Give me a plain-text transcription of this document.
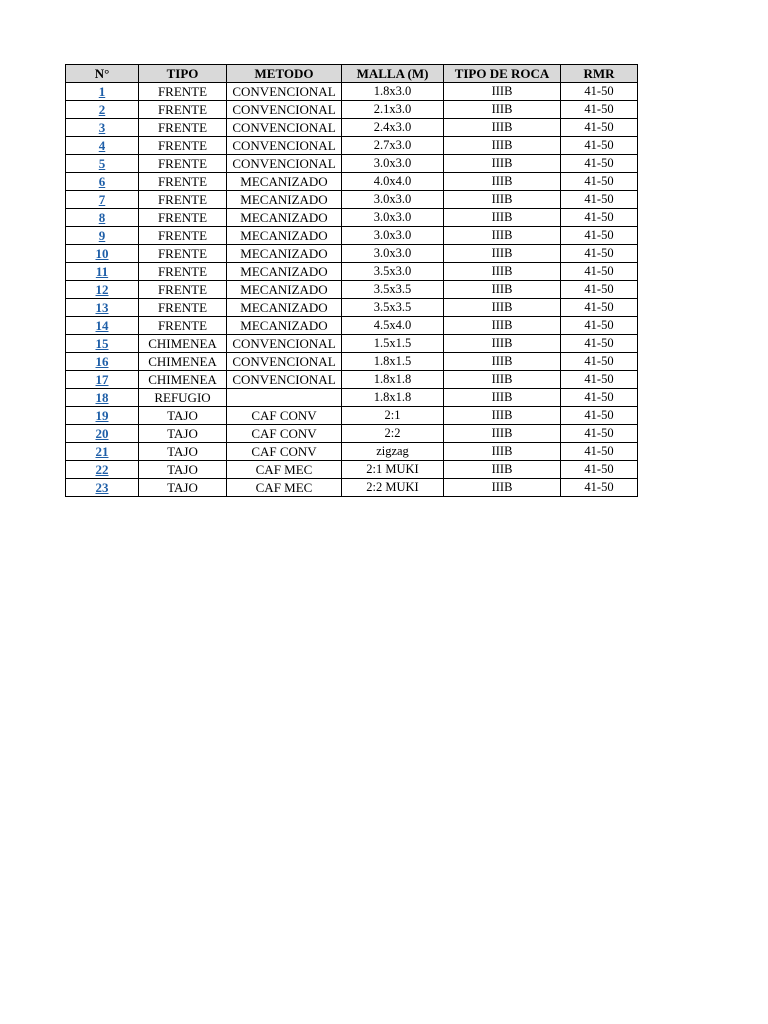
N°	TIPO	METODO	MALLA (M)	TIPO DE ROCA	RMR
1	FRENTE	CONVENCIONAL	1.8x3.0	IIIB	41-50
2	FRENTE	CONVENCIONAL	2.1x3.0	IIIB	41-50
3	FRENTE	CONVENCIONAL	2.4x3.0	IIIB	41-50
4	FRENTE	CONVENCIONAL	2.7x3.0	IIIB	41-50
5	FRENTE	CONVENCIONAL	3.0x3.0	IIIB	41-50
6	FRENTE	MECANIZADO	4.0x4.0	IIIB	41-50
7	FRENTE	MECANIZADO	3.0x3.0	IIIB	41-50
8	FRENTE	MECANIZADO	3.0x3.0	IIIB	41-50
9	FRENTE	MECANIZADO	3.0x3.0	IIIB	41-50
10	FRENTE	MECANIZADO	3.0x3.0	IIIB	41-50
11	FRENTE	MECANIZADO	3.5x3.0	IIIB	41-50
12	FRENTE	MECANIZADO	3.5x3.5	IIIB	41-50
13	FRENTE	MECANIZADO	3.5x3.5	IIIB	41-50
14	FRENTE	MECANIZADO	4.5x4.0	IIIB	41-50
15	CHIMENEA	CONVENCIONAL	1.5x1.5	IIIB	41-50
16	CHIMENEA	CONVENCIONAL	1.8x1.5	IIIB	41-50
17	CHIMENEA	CONVENCIONAL	1.8x1.8	IIIB	41-50
18	REFUGIO		1.8x1.8	IIIB	41-50
19	TAJO	CAF CONV	2:1	IIIB	41-50
20	TAJO	CAF CONV	2:2	IIIB	41-50
21	TAJO	CAF CONV	zigzag	IIIB	41-50
22	TAJO	CAF MEC	2:1 MUKI	IIIB	41-50
23	TAJO	CAF MEC	2:2 MUKI	IIIB	41-50
